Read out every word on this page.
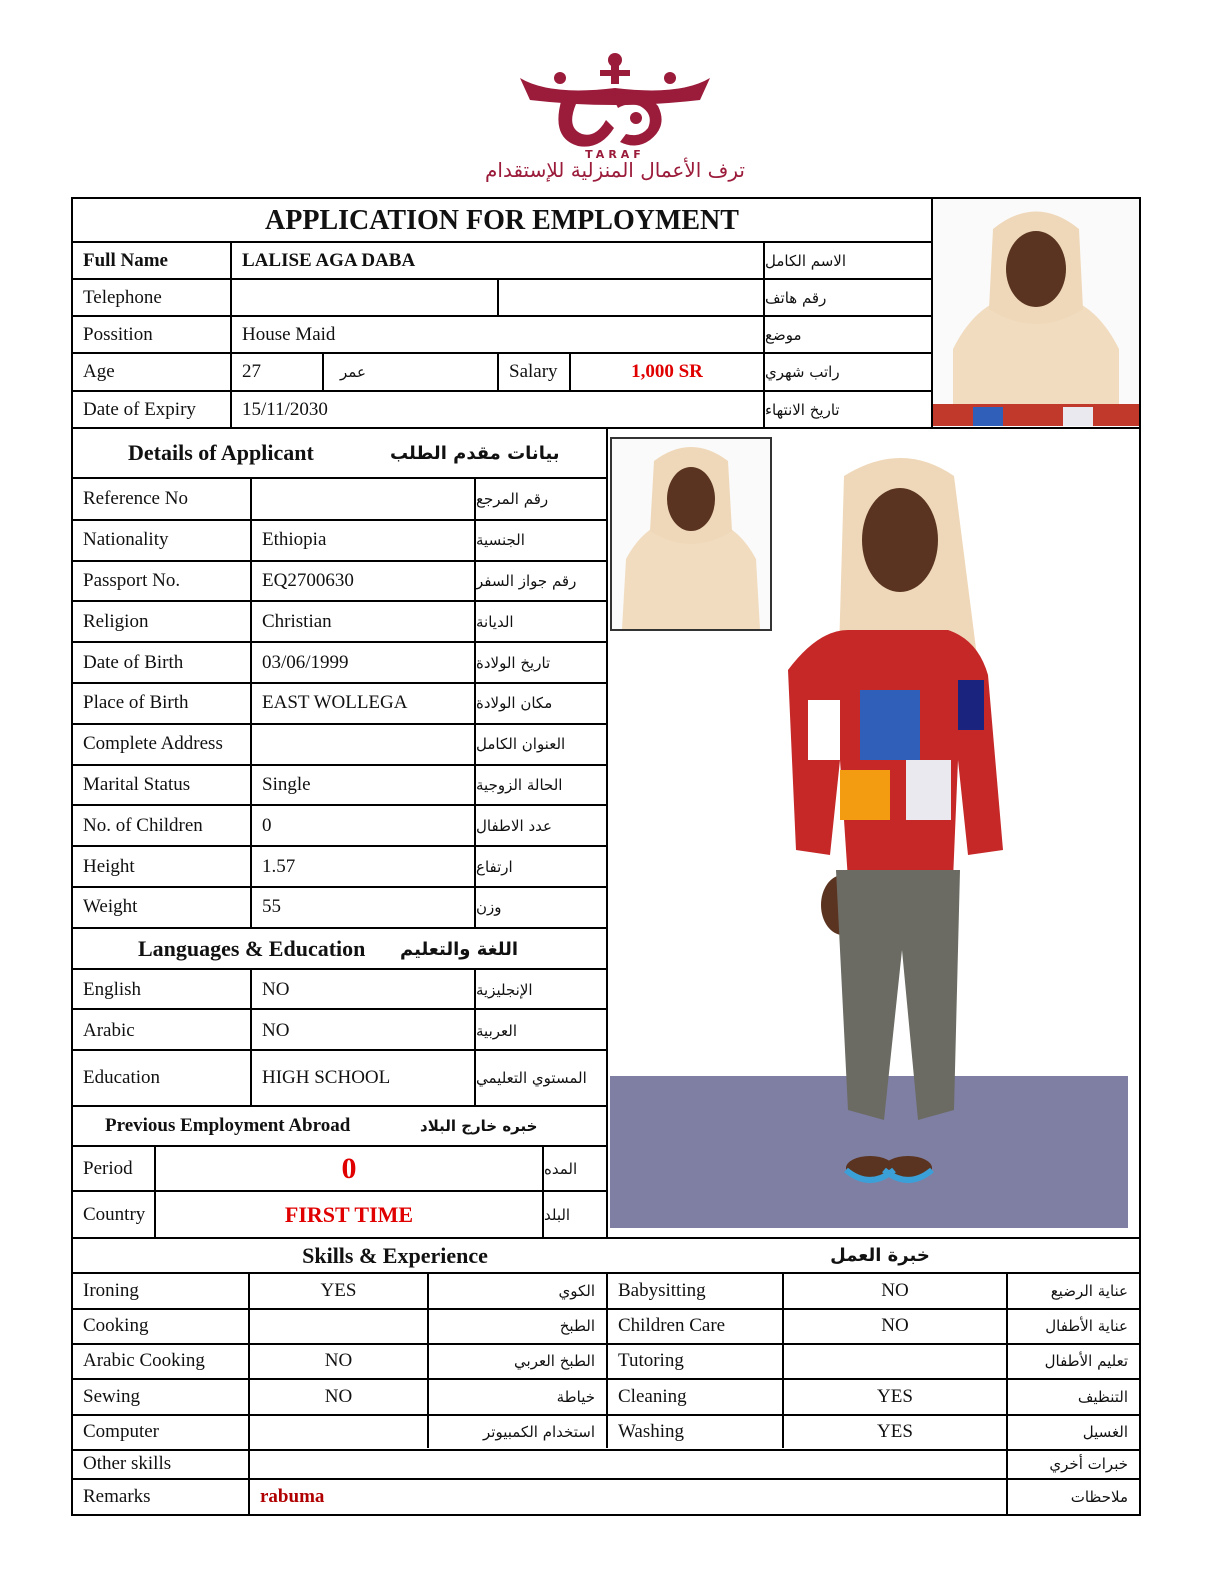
TARAF
ترف الأعمال المنزلية للإستقدام
APPLICATION FOR EMPLOYMENT
Full Name	LALISE AGA DABA	الاسم الكامل
Telephone	رقم هاتف
Possition	House Maid	موضع
Age	27	عمر	Salary	1,000 SR	راتب شهري
Date of Expiry	15/11/2030	تاريخ الانتهاء
Details of Applicant	بيانات مقدم الطلب
Reference No	رقم المرجع
Nationality	Ethiopia	الجنسية
Passport No.	EQ2700630	رقم جواز السفر
Religion	Christian	الديانة
Date of Birth	03/06/1999	تاريخ الولادة
Place of Birth	EAST WOLLEGA	مكان الولادة
Complete Address	العنوان الكامل
Marital Status	Single	الحالة الزوجية
No. of Children	0	عدد الاطفال
Height	1.57	ارتفاع
Weight	55	وزن
Languages & Education	اللغة والتعليم
English	NO	الإنجليزية
Arabic	NO	العربية
Education	HIGH SCHOOL	المستوي التعليمي
Previous Employment Abroad	خبره خارج البلاد
Period	0	المده
Country	FIRST TIME	البلد
Skills & Experience	خبرة العمل
Ironing	YES	الكوي	Babysitting	NO	عناية الرضيع
Cooking	الطبخ	Children Care	NO	عناية الأطفال
Arabic Cooking	NO	الطبخ العربي	Tutoring	تعليم الأطفال
Sewing	NO	خياطة	Cleaning	YES	التنظيف
Computer	استخدام الكمبيوتر	Washing	YES	الغسيل
Other skills	خبرات أخري
Remarks	rabuma	ملاحظات
